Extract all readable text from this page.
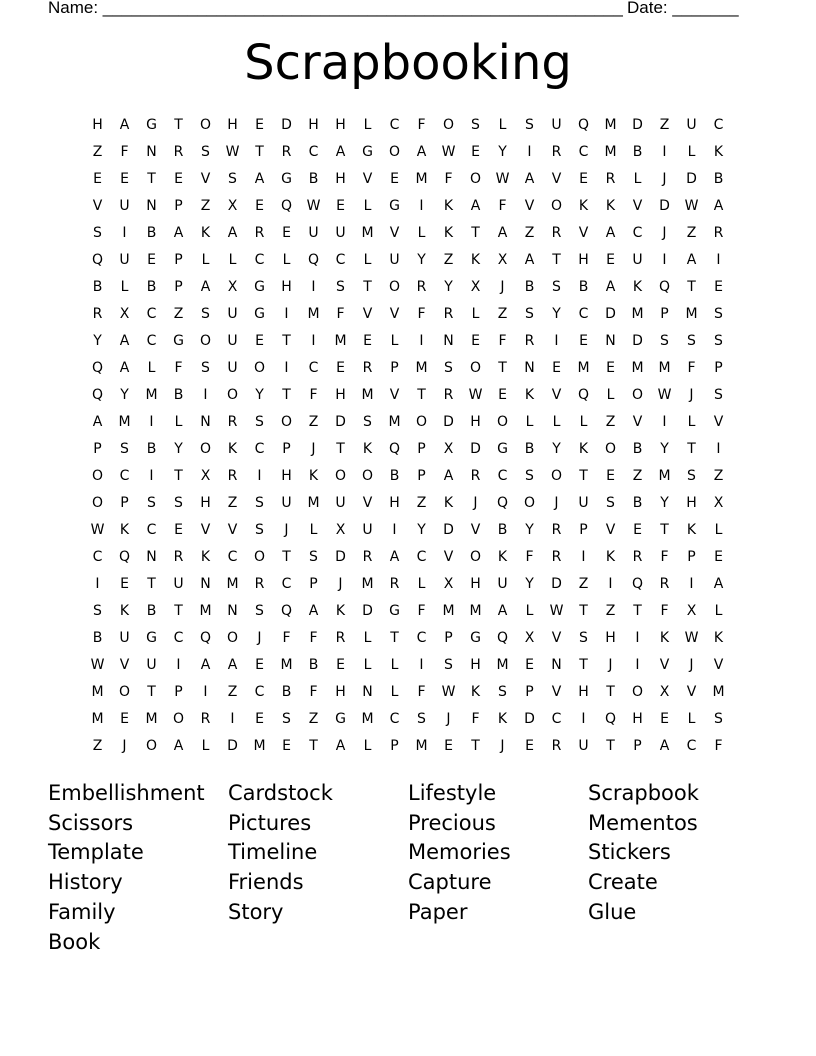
Name: _______________________________________________________ Date: _______
Scrapbooking
H	A	G	T	O	H	E	D	H	H	L	C	F	O	S	L	S	U	Q	M	D	Z	U	C
Z	F	N	R	S	W	T	R	C	A	G	O	A	W	E	Y	I	R	C	M	B	I	L	K
E	E	T	E	V	S	A	G	B	H	V	E	M	F	O	W	A	V	E	R	L	J	D	B
V	U	N	P	Z	X	E	Q	W	E	L	G	I	K	A	F	V	O	K	K	V	D	W	A
S	I	B	A	K	A	R	E	U	U	M	V	L	K	T	A	Z	R	V	A	C	J	Z	R
Q	U	E	P	L	L	C	L	Q	C	L	U	Y	Z	K	X	A	T	H	E	U	I	A	I
B	L	B	P	A	X	G	H	I	S	T	O	R	Y	X	J	B	S	B	A	K	Q	T	E
R	X	C	Z	S	U	G	I	M	F	V	V	F	R	L	Z	S	Y	C	D	M	P	M	S
Y	A	C	G	O	U	E	T	I	M	E	L	I	N	E	F	R	I	E	N	D	S	S	S
Q	A	L	F	S	U	O	I	C	E	R	P	M	S	O	T	N	E	M	E	M	M	F	P
Q	Y	M	B	I	O	Y	T	F	H	M	V	T	R	W	E	K	V	Q	L	O	W	J	S
A	M	I	L	N	R	S	O	Z	D	S	M	O	D	H	O	L	L	L	Z	V	I	L	V
P	S	B	Y	O	K	C	P	J	T	K	Q	P	X	D	G	B	Y	K	O	B	Y	T	I
O	C	I	T	X	R	I	H	K	O	O	B	P	A	R	C	S	O	T	E	Z	M	S	Z
O	P	S	S	H	Z	S	U	M	U	V	H	Z	K	J	Q	O	J	U	S	B	Y	H	X
W	K	C	E	V	V	S	J	L	X	U	I	Y	D	V	B	Y	R	P	V	E	T	K	L
C	Q	N	R	K	C	O	T	S	D	R	A	C	V	O	K	F	R	I	K	R	F	P	E
I	E	T	U	N	M	R	C	P	J	M	R	L	X	H	U	Y	D	Z	I	Q	R	I	A
S	K	B	T	M	N	S	Q	A	K	D	G	F	M	M	A	L	W	T	Z	T	F	X	L
B	U	G	C	Q	O	J	F	F	R	L	T	C	P	G	Q	X	V	S	H	I	K	W	K
W	V	U	I	A	A	E	M	B	E	L	L	I	S	H	M	E	N	T	J	I	V	J	V
M	O	T	P	I	Z	C	B	F	H	N	L	F	W	K	S	P	V	H	T	O	X	V	M
M	E	M	O	R	I	E	S	Z	G	M	C	S	J	F	K	D	C	I	Q	H	E	L	S
Z	J	O	A	L	D	M	E	T	A	L	P	M	E	T	J	E	R	U	T	P	A	C	F
Embellishment	Cardstock	Lifestyle	Scrapbook
Scissors	Pictures	Precious	Mementos
Template	Timeline	Memories	Stickers
History	Friends	Capture	Create
Family	Story	Paper	Glue
Book
